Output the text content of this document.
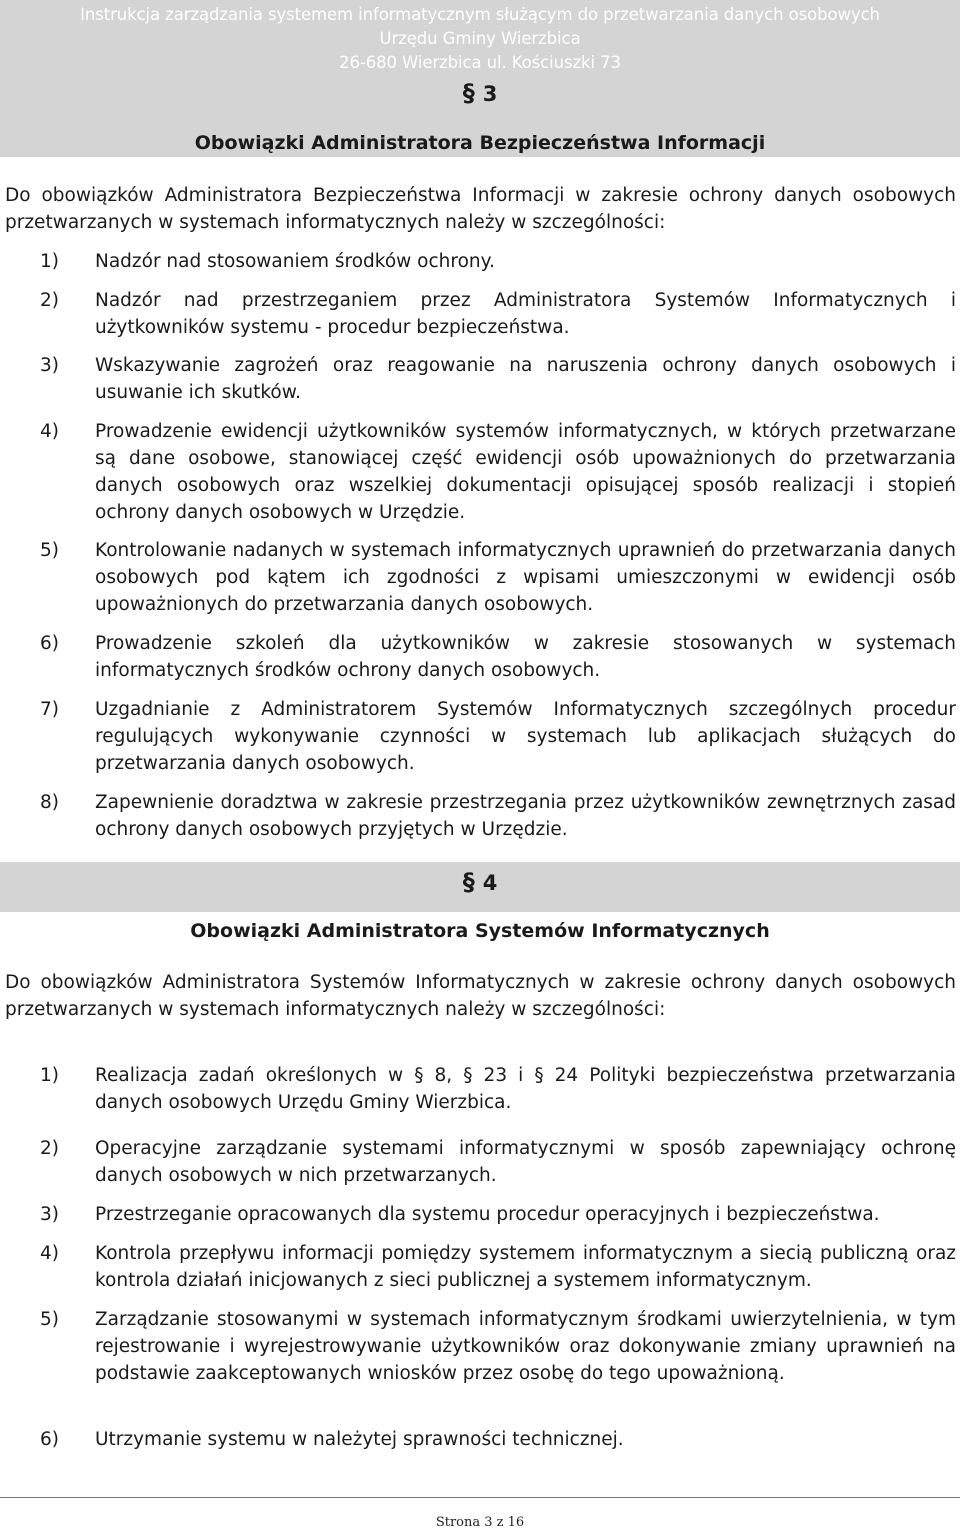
Instrukcja zarządzania systemem informatycznym służącym do przetwarzania danych osobowych
Urzędu Gminy Wierzbica
26-680 Wierzbica ul. Kościuszki 73
§ 3
Obowiązki Administratora Bezpieczeństwa Informacji
Do obowiązków Administratora Bezpieczeństwa Informacji w zakresie ochrony danych osobowych przetwarzanych w systemach informatycznych należy w szczególności:
1) Nadzór nad stosowaniem środków ochrony.
2) Nadzór nad przestrzeganiem przez Administratora Systemów Informatycznych i użytkowników systemu - procedur bezpieczeństwa.
3) Wskazywanie zagrożeń oraz reagowanie na naruszenia ochrony danych osobowych i usuwanie ich skutków.
4) Prowadzenie ewidencji użytkowników systemów informatycznych, w których przetwarzane są dane osobowe, stanowiącej część ewidencji osób upoważnionych do przetwarzania danych osobowych oraz wszelkiej dokumentacji opisującej sposób realizacji i stopień ochrony danych osobowych w Urzędzie.
5) Kontrolowanie nadanych w systemach informatycznych uprawnień do przetwarzania danych osobowych pod kątem ich zgodności z wpisami umieszczonymi w ewidencji osób upoważnionych do przetwarzania danych osobowych.
6) Prowadzenie szkoleń dla użytkowników w zakresie stosowanych w systemach informatycznych środków ochrony danych osobowych.
7) Uzgadnianie z Administratorem Systemów Informatycznych szczególnych procedur regulujących wykonywanie czynności w systemach lub aplikacjach służących do przetwarzania danych osobowych.
8) Zapewnienie doradztwa w zakresie przestrzegania przez użytkowników zewnętrznych zasad ochrony danych osobowych przyjętych w Urzędzie.
§ 4
Obowiązki Administratora Systemów Informatycznych
Do obowiązków Administratora Systemów Informatycznych w zakresie ochrony danych osobowych przetwarzanych w systemach informatycznych należy w szczególności:
1) Realizacja zadań określonych w § 8, § 23 i § 24 Polityki bezpieczeństwa przetwarzania danych osobowych Urzędu Gminy Wierzbica.
2) Operacyjne zarządzanie systemami informatycznymi w sposób zapewniający ochronę danych osobowych w nich przetwarzanych.
3) Przestrzeganie opracowanych dla systemu procedur operacyjnych i bezpieczeństwa.
4) Kontrola przepływu informacji pomiędzy systemem informatycznym a siecią publiczną oraz kontrola działań inicjowanych z sieci publicznej a systemem informatycznym.
5) Zarządzanie stosowanymi w systemach informatycznym środkami uwierzytelnienia, w tym rejestrowanie i wyrejestrowywanie użytkowników oraz dokonywanie zmiany uprawnień na podstawie zaakceptowanych wniosków przez osobę do tego upoważnioną.
6) Utrzymanie systemu w należytej sprawności technicznej.
Strona 3 z 16
